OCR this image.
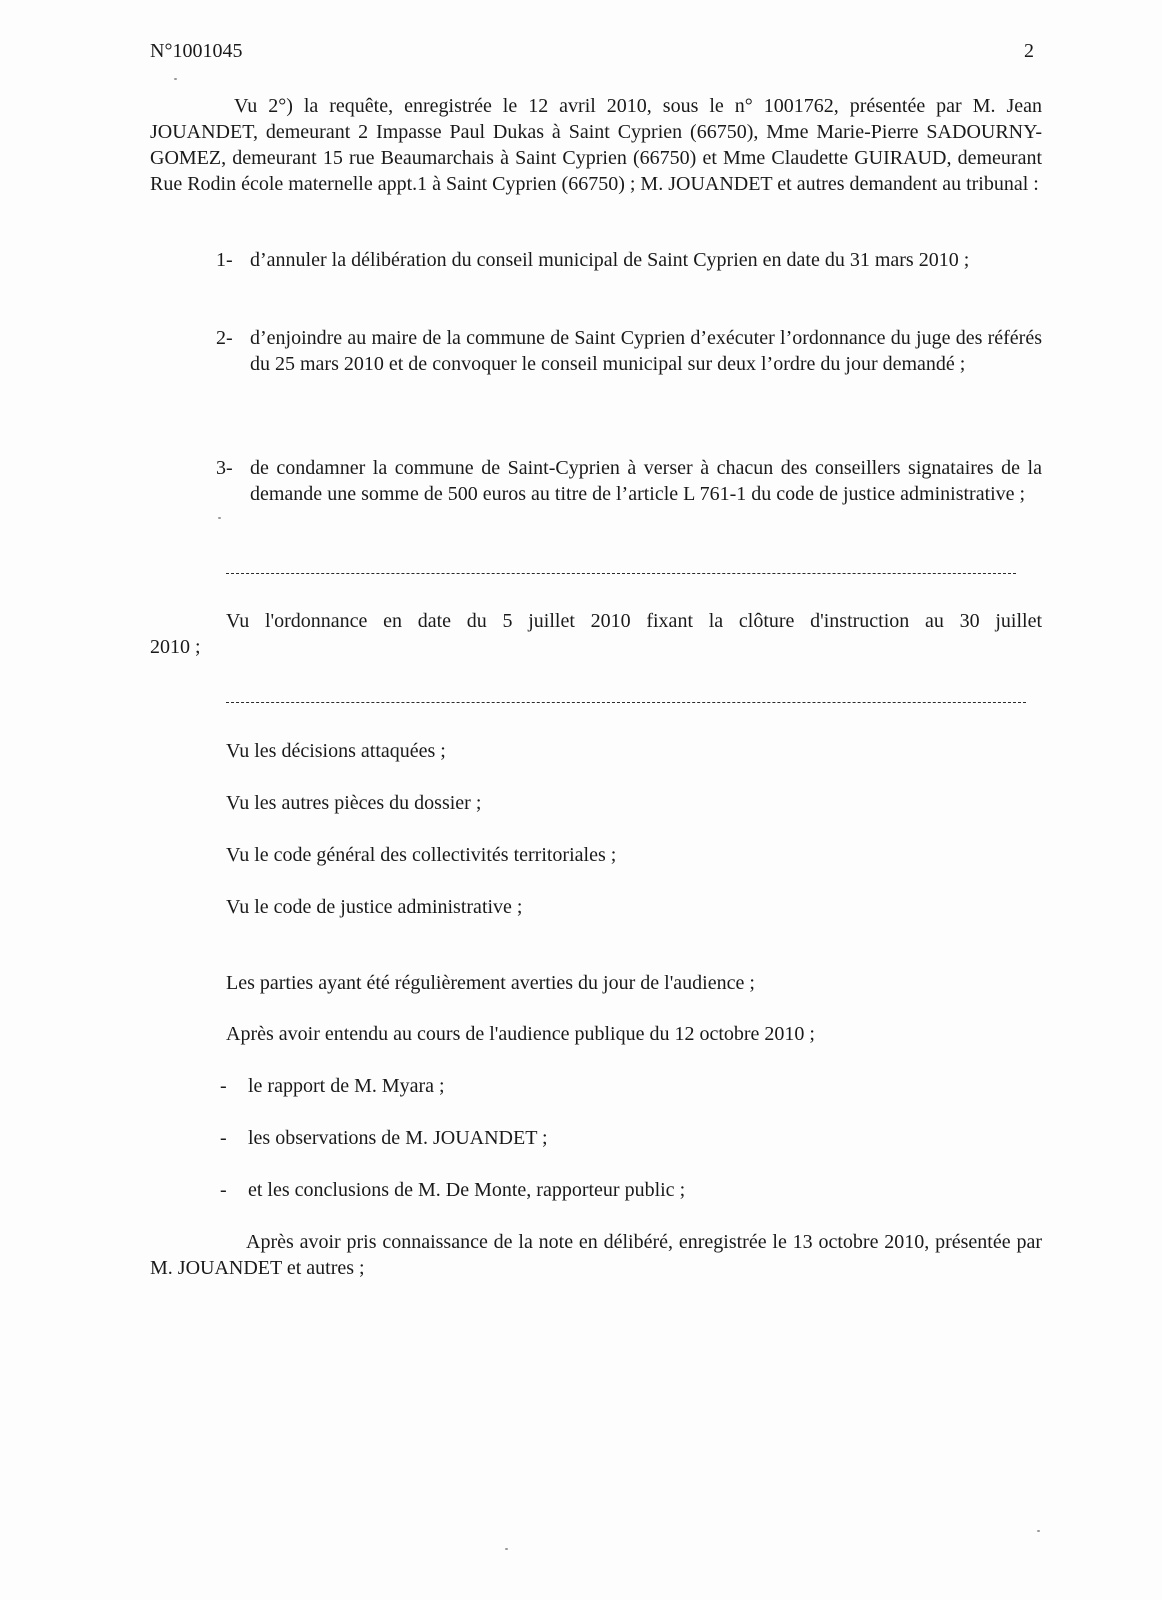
N°1001045	2
Vu 2°) la requête, enregistrée le 12 avril 2010, sous le n° 1001762, présentée par M. Jean JOUANDET, demeurant 2 Impasse Paul Dukas à Saint Cyprien (66750), Mme Marie-Pierre SADOURNY-GOMEZ, demeurant 15 rue Beaumarchais à Saint Cyprien (66750) et Mme Claudette GUIRAUD, demeurant Rue Rodin école maternelle appt.1 à Saint Cyprien (66750) ; M. JOUANDET et autres demandent au tribunal :
1- d’annuler la délibération du conseil municipal de Saint Cyprien en date du 31 mars 2010 ;
2- d’enjoindre au maire de la commune de Saint Cyprien d’exécuter l’ordonnance du juge des référés du 25 mars 2010 et de convoquer le conseil municipal sur deux l’ordre du jour demandé ;
3- de condamner la commune de Saint-Cyprien à verser à chacun des conseillers signataires de la demande une somme de 500 euros au titre de l’article L 761-1 du code de justice administrative ;
Vu l'ordonnance en date du 5 juillet 2010 fixant la clôture d'instruction au 30 juillet
2010 ;
Vu les décisions attaquées ;
Vu les autres pièces du dossier ;
Vu le code général des collectivités territoriales ;
Vu le code de justice administrative ;
Les parties ayant été régulièrement averties du jour de l'audience ;
Après avoir entendu au cours de l'audience publique du 12 octobre 2010 ;
- le rapport de M. Myara ;
- les observations de M. JOUANDET ;
- et les conclusions de M. De Monte, rapporteur public ;
Après avoir pris connaissance de la note en délibéré, enregistrée le 13 octobre 2010, présentée par M. JOUANDET et autres ;
